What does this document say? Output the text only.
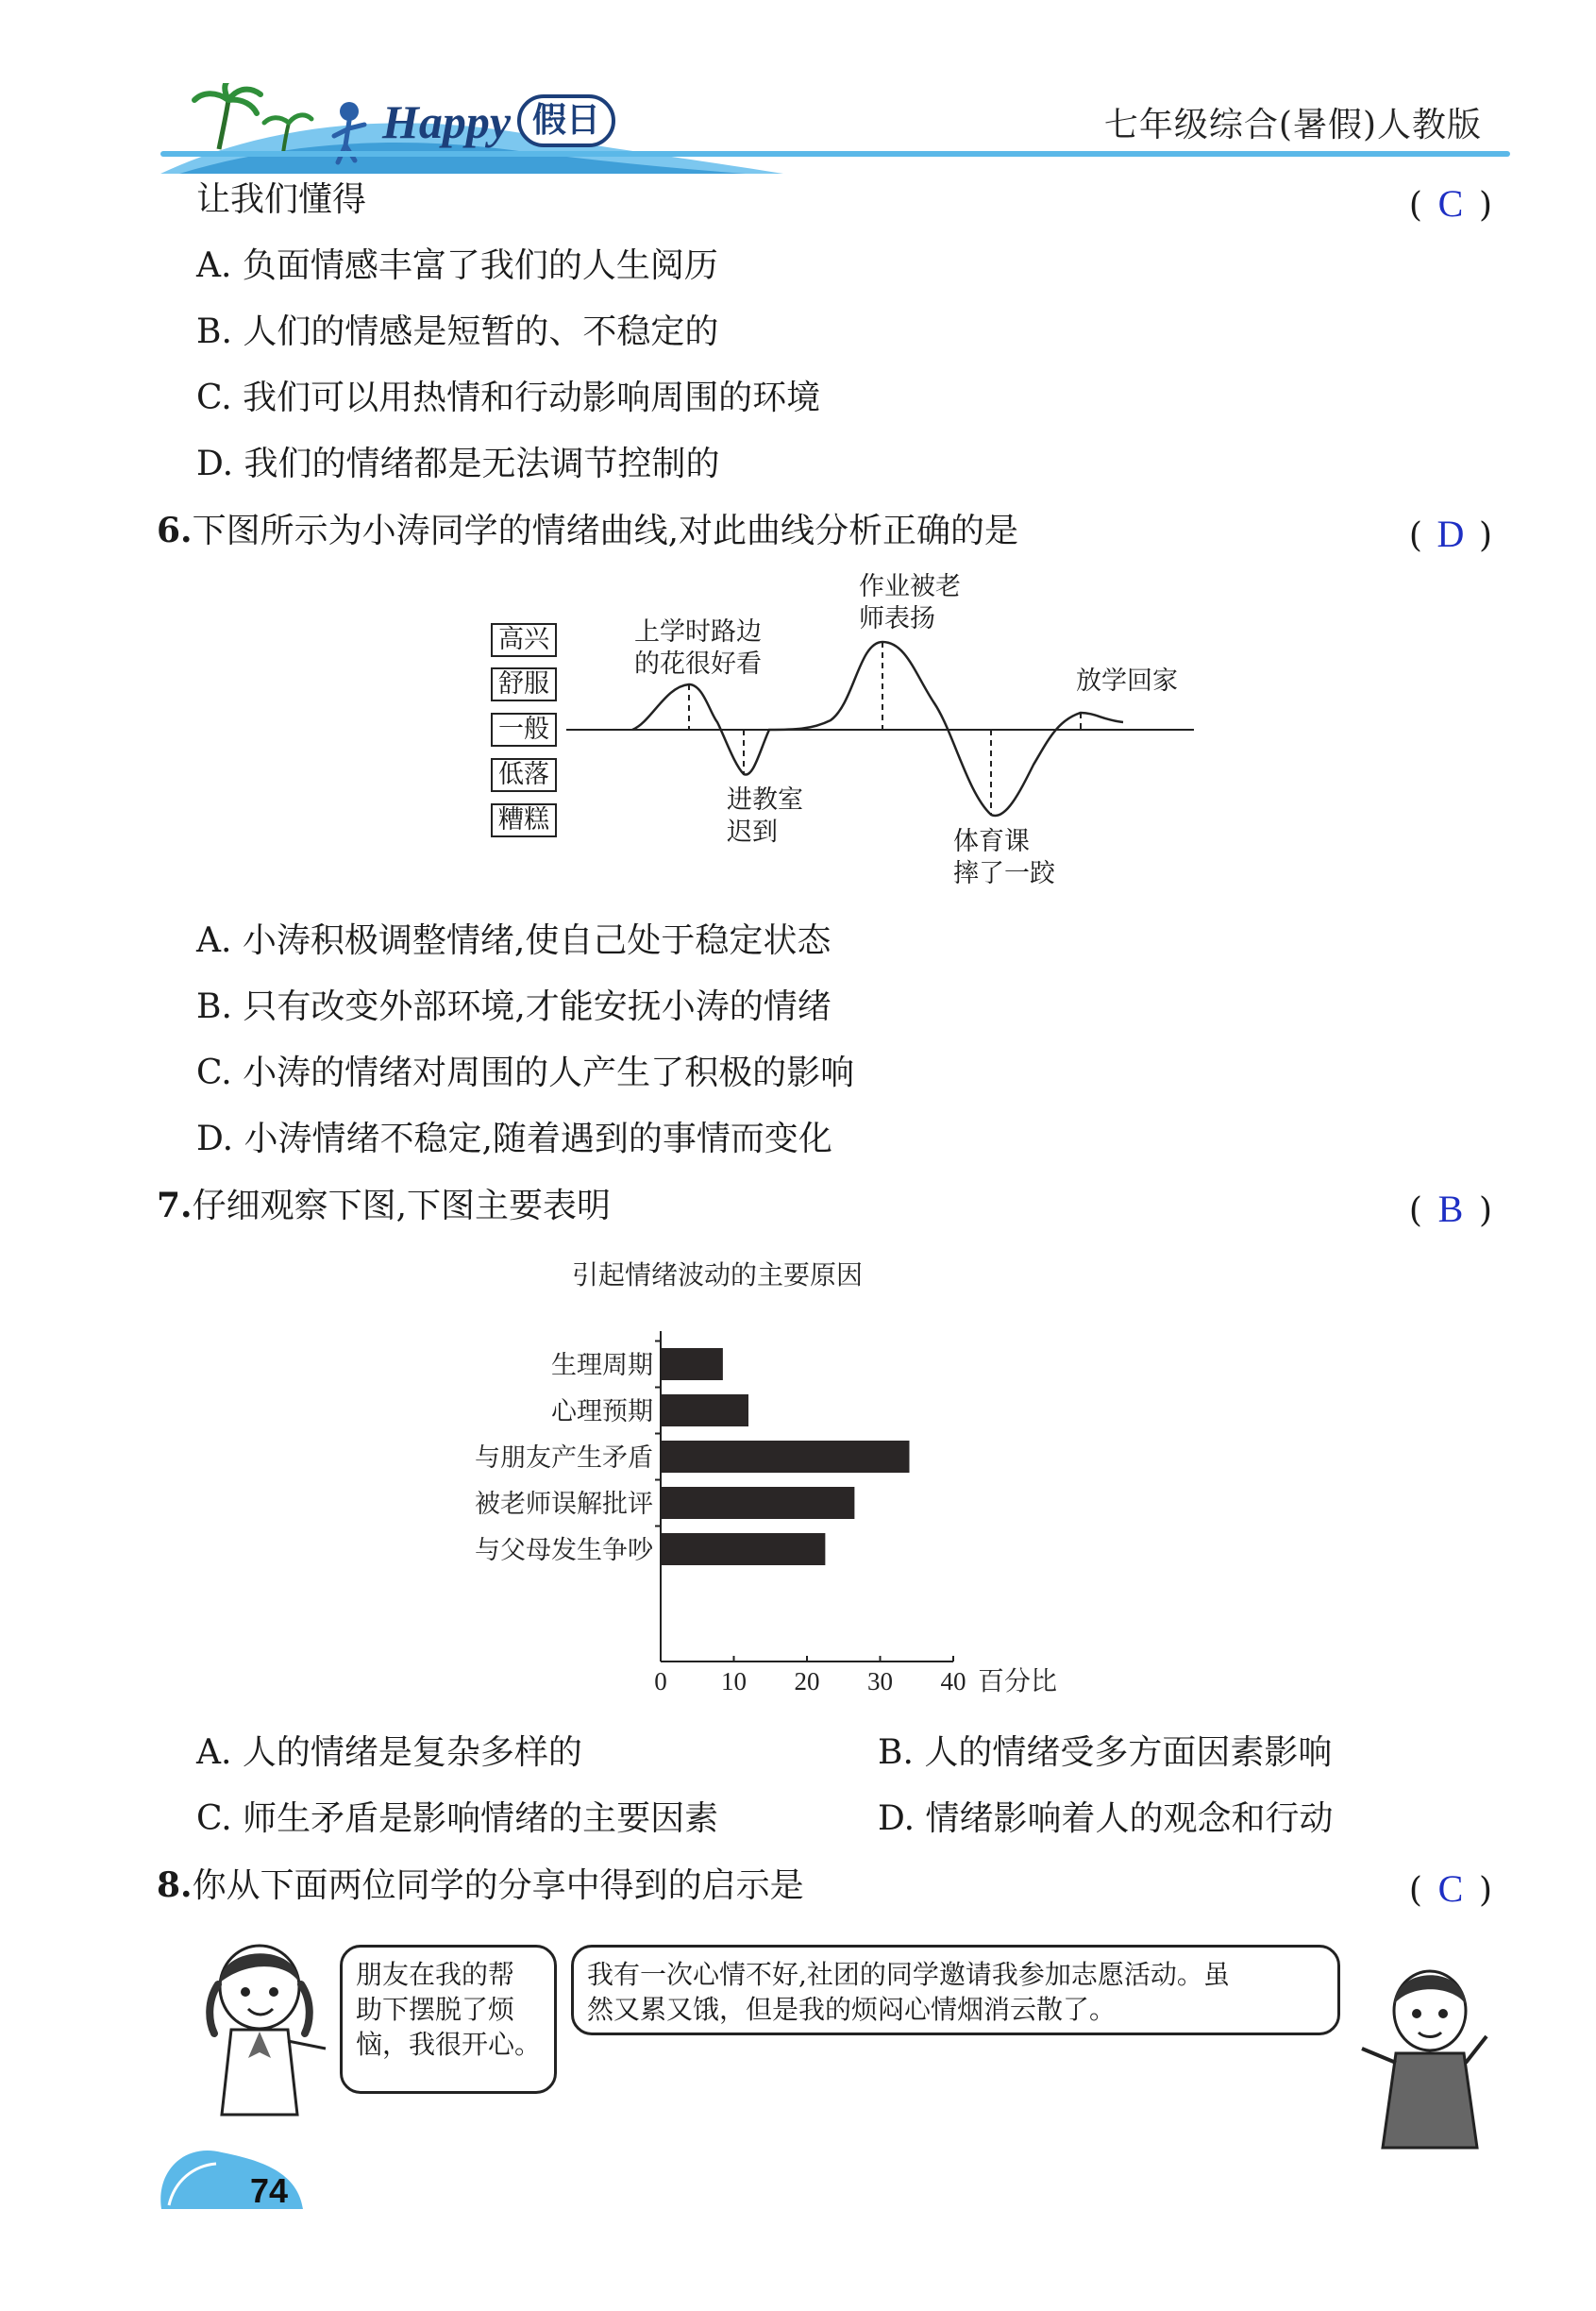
Happy 假日	七年级综合(暑假)人教版
让我们懂得	( C )
A. 负面情感丰富了我们的人生阅历
B. 人们的情感是短暂的、不稳定的
C. 我们可以用热情和行动影响周围的环境
D. 我们的情绪都是无法调节控制的
6.下图所示为小涛同学的情绪曲线,对此曲线分析正确的是	( D )
高兴
舒服
一般
低落
糟糕
上学时路边
的花很好看
进教室
迟到
作业被老
师表扬
体育课
摔了一跤
放学回家
A. 小涛积极调整情绪,使自己处于稳定状态
B. 只有改变外部环境,才能安抚小涛的情绪
C. 小涛的情绪对周围的人产生了积极的影响
D. 小涛情绪不稳定,随着遇到的事情而变化
7.仔细观察下图,下图主要表明	( B )
引起情绪波动的主要原因
生理周期
心理预期
与朋友产生矛盾
被老师误解批评
与父母发生争吵
0 10 20 30 40 百分比
A. 人的情绪是复杂多样的	B. 人的情绪受多方面因素影响
C. 师生矛盾是影响情绪的主要因素	D. 情绪影响着人的观念和行动
8.你从下面两位同学的分享中得到的启示是	( C )
朋友在我的帮
助下摆脱了烦
恼，我很开心。
我有一次心情不好,社团的同学邀请我参加志愿活动。虽
然又累又饿，但是我的烦闷心情烟消云散了。
74
